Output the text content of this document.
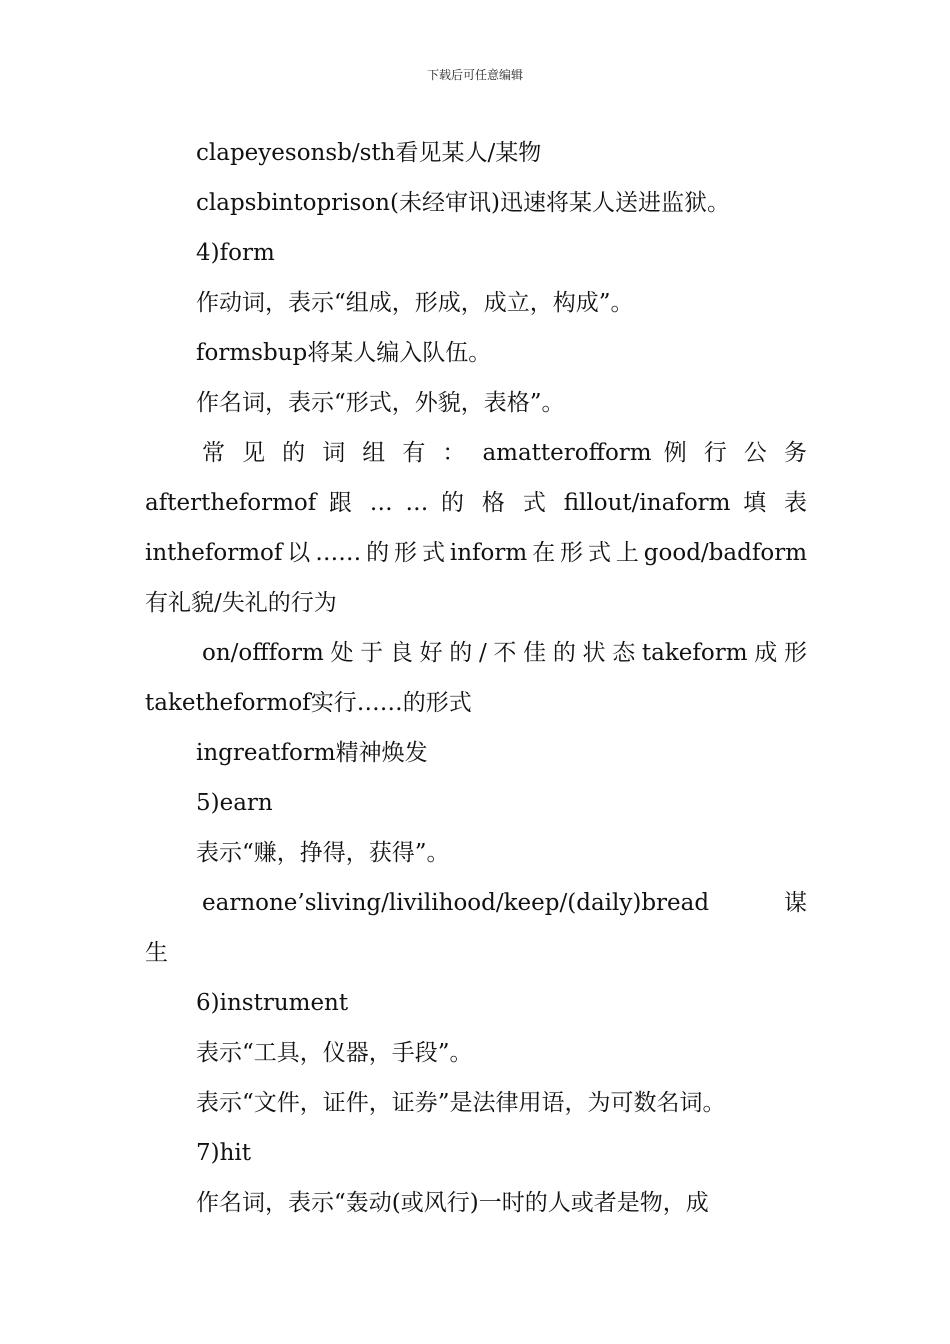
下载后可任意编辑

clapeyesonsb/sth看见某人/某物

clapsbintoprison(未经审讯)迅速将某人送进监狱。

4)form

作动词，表示“组成，形成，成立，构成”。

formsbup将某人编入队伍。

作名词，表示“形式，外貌，表格”。

常 见 的 词 组 有 ： amatterofform 例 行 公 务

aftertheformof 跟 … … 的 格 式 fillout/inaform 填 表

intheformof以……的形式inform在形式上good/badform

有礼貌/失礼的行为

on/offform处于良好的/不佳的状态takeform成形

taketheformof实行……的形式

ingreatform精神焕发

5)earn

表示“赚，挣得，获得”。

earnone’sliving/livilihood/keep/(daily)bread谋

生

6)instrument

表示“工具，仪器，手段”。

表示“文件，证件，证券”是法律用语，为可数名词。

7)hit

作名词，表示“轰动(或风行)一时的人或者是物，成
